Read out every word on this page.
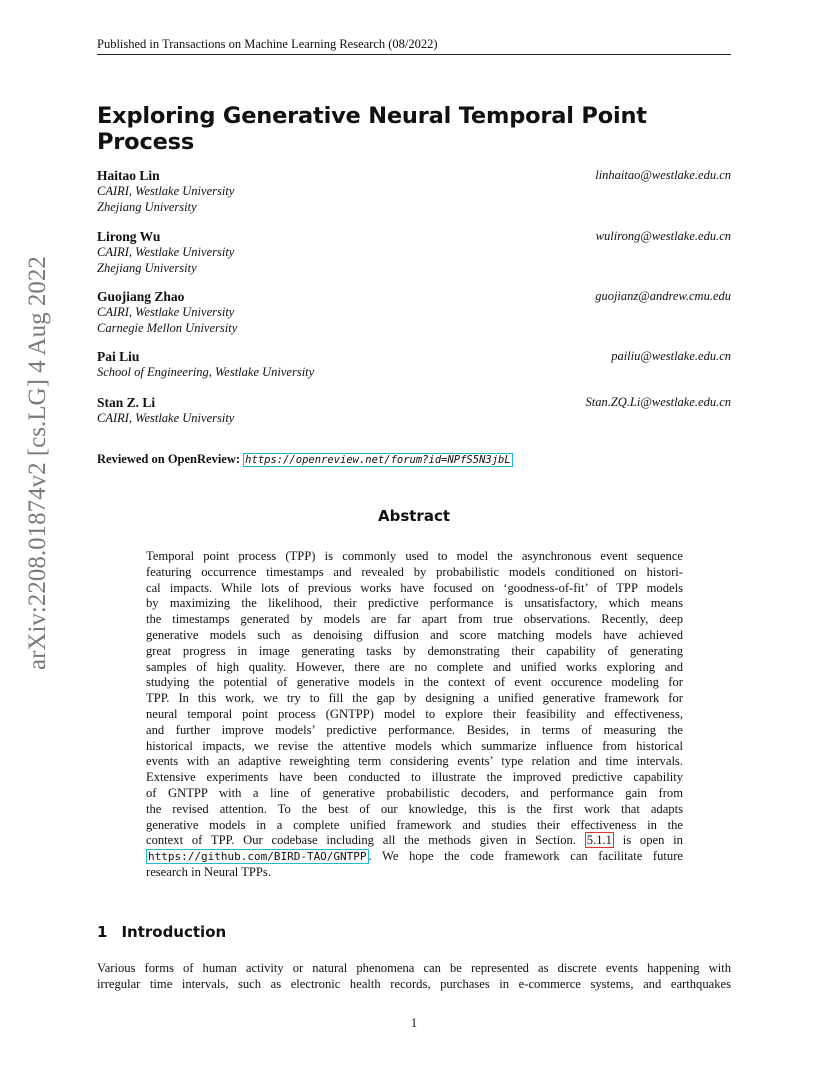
Published in Transactions on Machine Learning Research (08/2022)
Exploring Generative Neural Temporal Point Process
Haitao Lin
CAIRI, Westlake University
Zhejiang University
linhaitao@westlake.edu.cn
Lirong Wu
CAIRI, Westlake University
Zhejiang University
wulirong@westlake.edu.cn
Guojiang Zhao
CAIRI, Westlake University
Carnegie Mellon University
guojianz@andrew.cmu.edu
Pai Liu
School of Engineering, Westlake University
pailiu@westlake.edu.cn
Stan Z. Li
CAIRI, Westlake University
Stan.ZQ.Li@westlake.edu.cn
Reviewed on OpenReview: https://openreview.net/forum?id=NPfS5N3jbL
Abstract
Temporal point process (TPP) is commonly used to model the asynchronous event sequence
featuring occurrence timestamps and revealed by probabilistic models conditioned on histori-
cal impacts. While lots of previous works have focused on ‘goodness-of-fit’ of TPP models
by maximizing the likelihood, their predictive performance is unsatisfactory, which means
the timestamps generated by models are far apart from true observations. Recently, deep
generative models such as denoising diffusion and score matching models have achieved
great progress in image generating tasks by demonstrating their capability of generating
samples of high quality. However, there are no complete and unified works exploring and
studying the potential of generative models in the context of event occurence modeling for
TPP. In this work, we try to fill the gap by designing a unified generative framework for
neural temporal point process (GNTPP) model to explore their feasibility and effectiveness,
and further improve models’ predictive performance. Besides, in terms of measuring the
historical impacts, we revise the attentive models which summarize influence from historical
events with an adaptive reweighting term considering events’ type relation and time intervals.
Extensive experiments have been conducted to illustrate the improved predictive capability
of GNTPP with a line of generative probabilistic decoders, and performance gain from
the revised attention. To the best of our knowledge, this is the first work that adapts
generative models in a complete unified framework and studies their effectiveness in the
context of TPP. Our codebase including all the methods given in Section. 5.1.1 is open in
https://github.com/BIRD-TAO/GNTPP . We hope the code framework can facilitate future
research in Neural TPPs.
1 Introduction
Various forms of human activity or natural phenomena can be represented as discrete events happening with
irregular time intervals, such as electronic health records, purchases in e-commerce systems, and earthquakes
1
arXiv:2208.01874v2 [cs.LG] 4 Aug 2022
